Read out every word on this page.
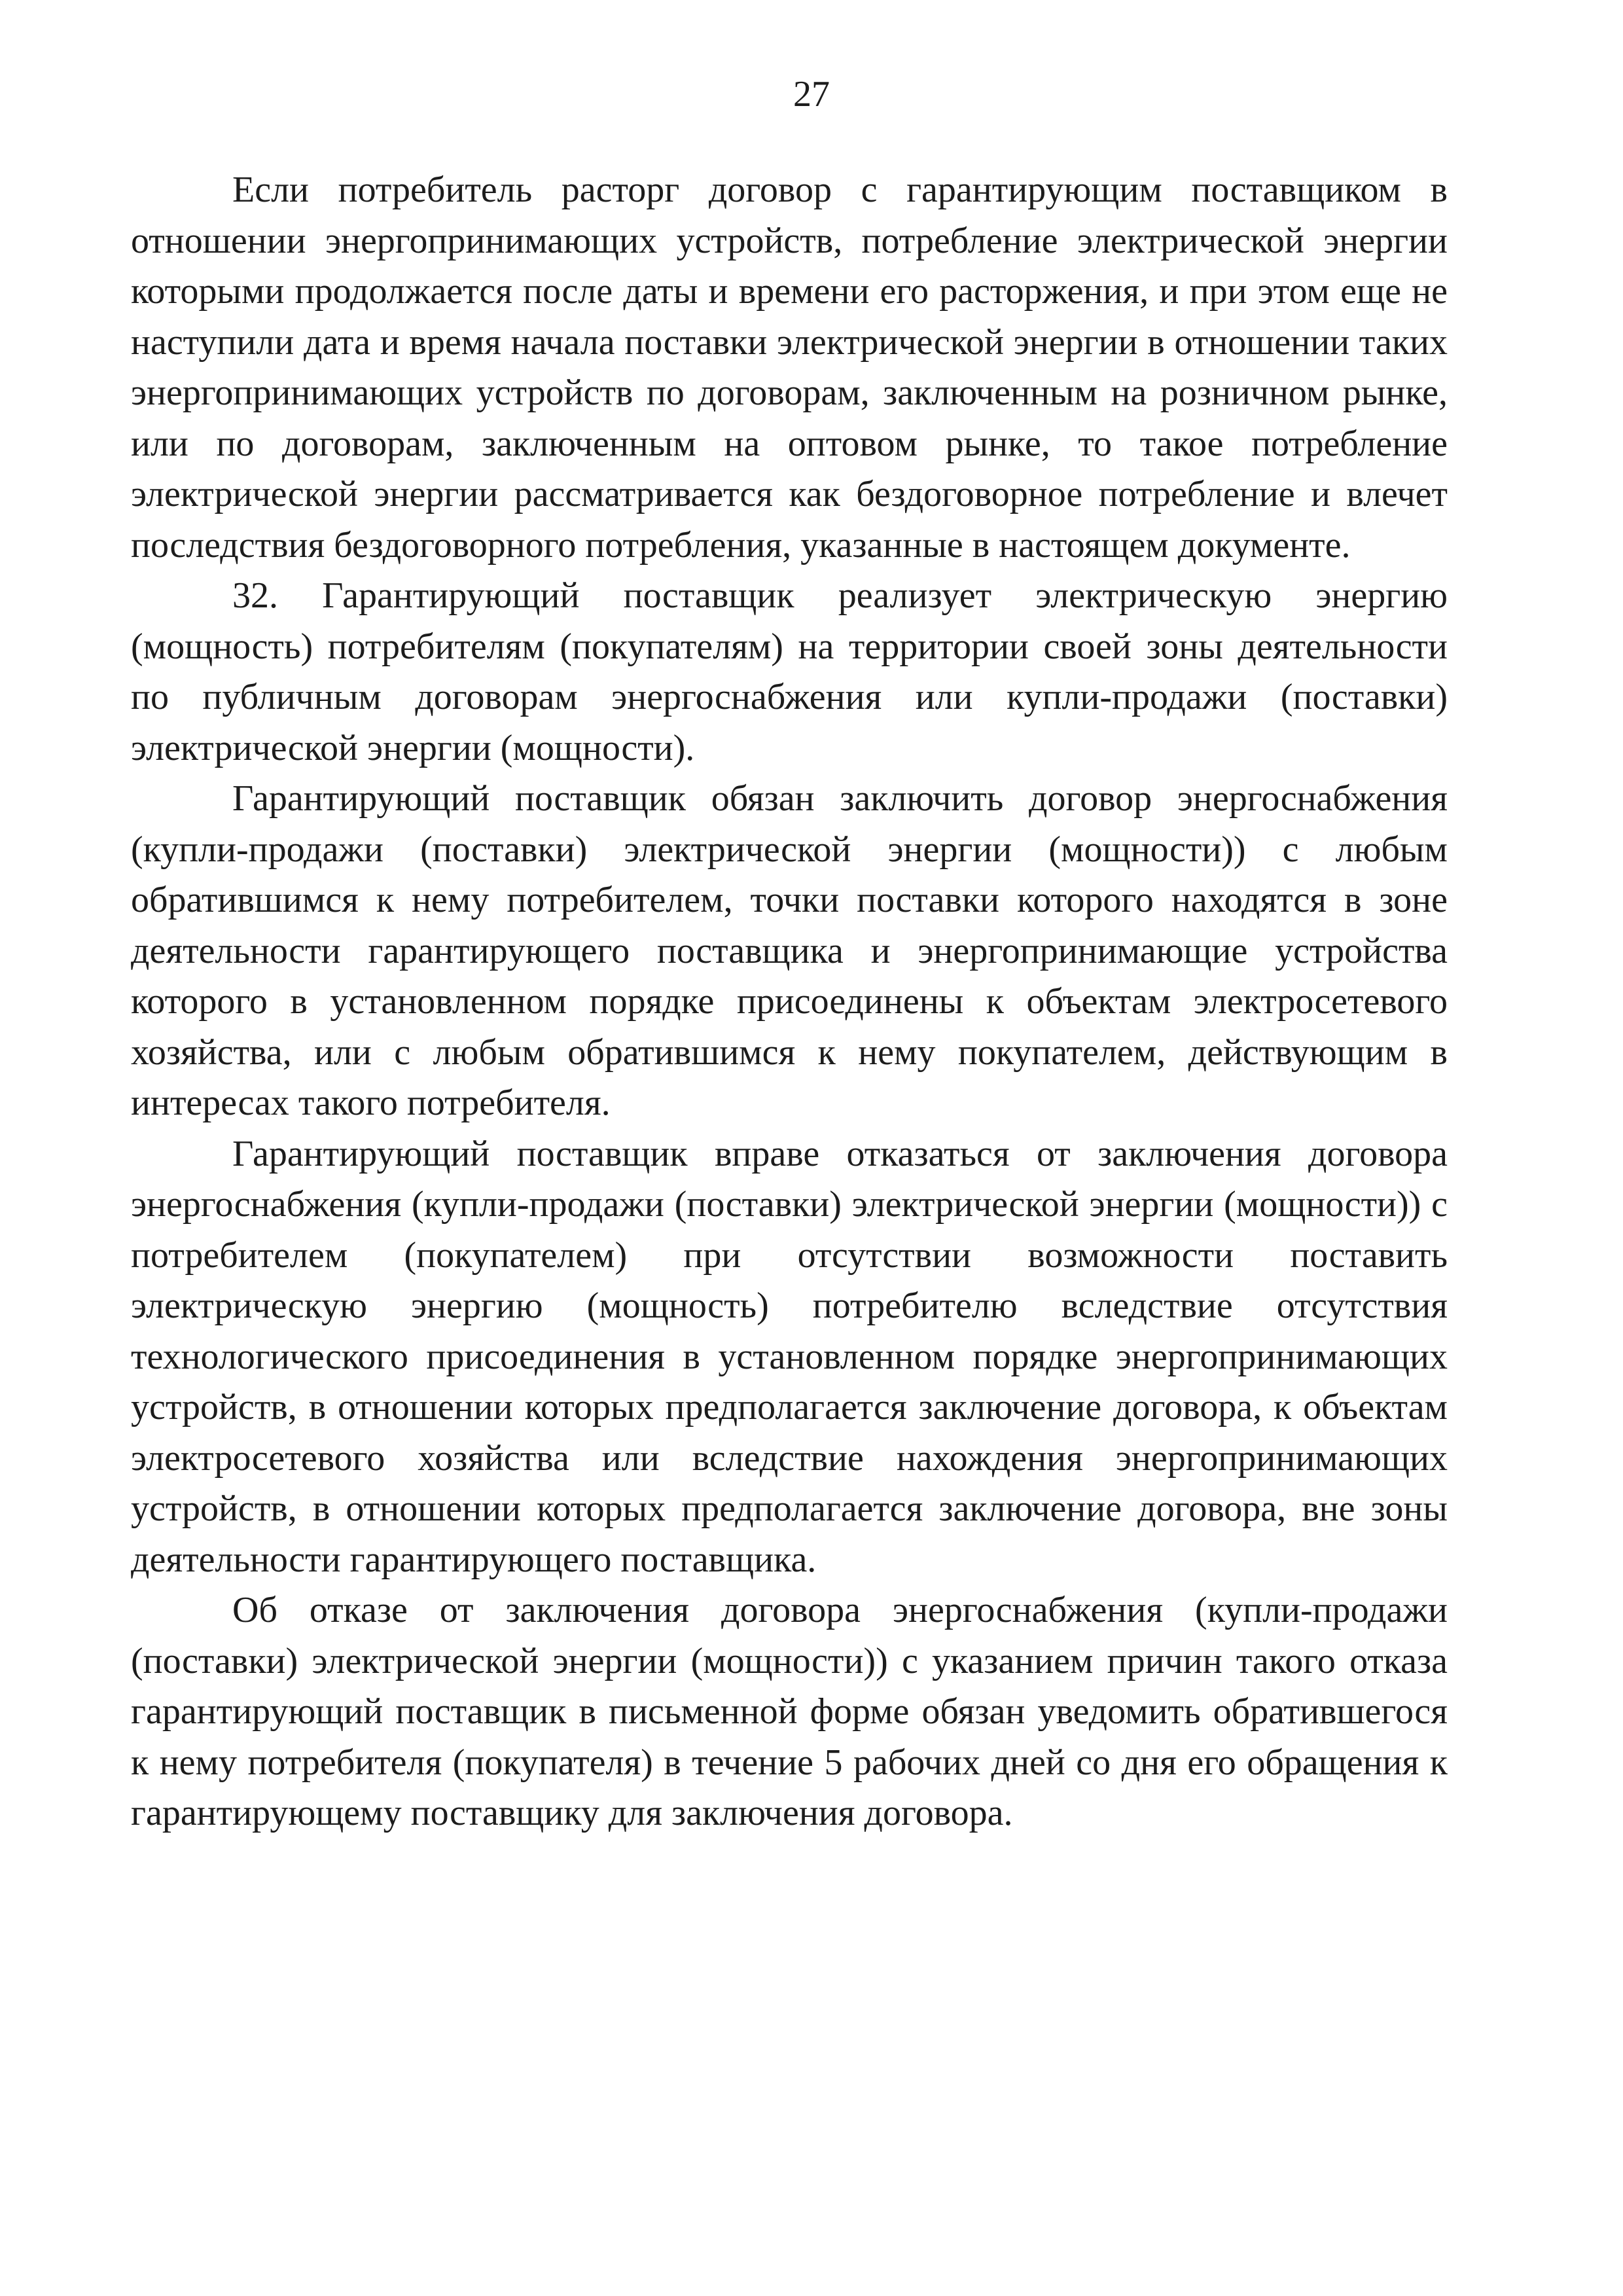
27

Если потребитель расторг договор с гарантирующим поставщиком в отношении энергопринимающих устройств, потребление электрической энергии которыми продолжается после даты и времени его расторжения, и при этом еще не наступили дата и время начала поставки электрической энергии в отношении таких энергопринимающих устройств по договорам, заключенным на розничном рынке, или по договорам, заключенным на оптовом рынке, то такое потребление электрической энергии рассматривается как бездоговорное потребление и влечет последствия бездоговорного потребления, указанные в настоящем документе.

32. Гарантирующий поставщик реализует электрическую энергию (мощность) потребителям (покупателям) на территории своей зоны деятельности по публичным договорам энергоснабжения или купли-продажи (поставки) электрической энергии (мощности).

Гарантирующий поставщик обязан заключить договор энергоснабжения (купли-продажи (поставки) электрической энергии (мощности)) с любым обратившимся к нему потребителем, точки поставки которого находятся в зоне деятельности гарантирующего поставщика и энергопринимающие устройства которого в установленном порядке присоединены к объектам электросетевого хозяйства, или с любым обратившимся к нему покупателем, действующим в интересах такого потребителя.

Гарантирующий поставщик вправе отказаться от заключения договора энергоснабжения (купли-продажи (поставки) электрической энергии (мощности)) с потребителем (покупателем) при отсутствии возможности поставить электрическую энергию (мощность) потребителю вследствие отсутствия технологического присоединения в установленном порядке энергопринимающих устройств, в отношении которых предполагается заключение договора, к объектам электросетевого хозяйства или вследствие нахождения энергопринимающих устройств, в отношении которых предполагается заключение договора, вне зоны деятельности гарантирующего поставщика.

Об отказе от заключения договора энергоснабжения (купли-продажи (поставки) электрической энергии (мощности)) с указанием причин такого отказа гарантирующий поставщик в письменной форме обязан уведомить обратившегося к нему потребителя (покупателя) в течение 5 рабочих дней со дня его обращения к гарантирующему поставщику для заключения договора.
